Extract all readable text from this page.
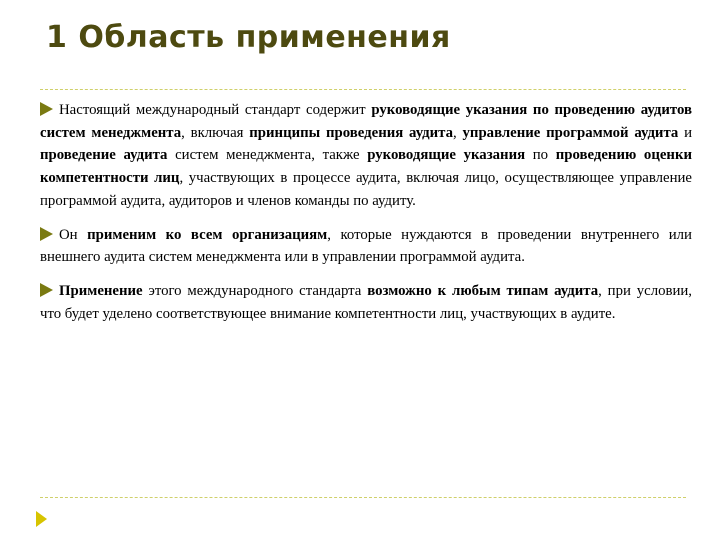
1 Область применения

Настоящий международный стандарт содержит руководящие указания по проведению аудитов систем менеджмента, включая принципы проведения аудита, управление программой аудита и проведение аудита систем менеджмента, также руководящие указания по проведению оценки компетентности лиц, участвующих в процессе аудита, включая лицо, осуществляющее управление программой аудита, аудиторов и членов команды по аудиту.

Он применим ко всем организациям, которые нуждаются в проведении внутреннего или внешнего аудита систем менеджмента или в управлении программой аудита.

Применение этого международного стандарта возможно к любым типам аудита, при условии, что будет уделено соответствующее внимание компетентности лиц, участвующих в аудите.
